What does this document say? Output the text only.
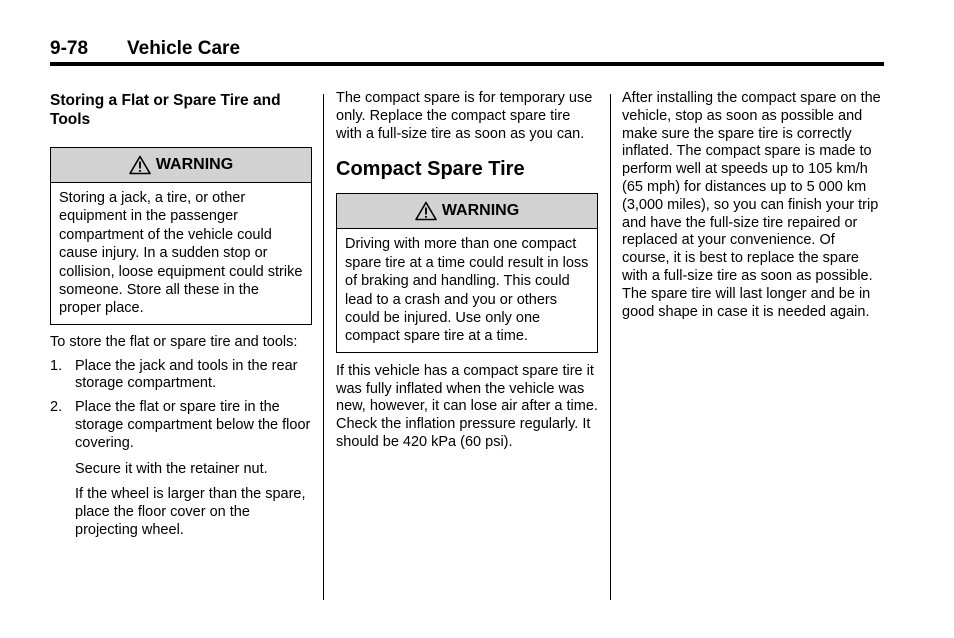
9-78 Vehicle Care

Storing a Flat or Spare Tire and Tools

WARNING
Storing a jack, a tire, or other equipment in the passenger compartment of the vehicle could cause injury. In a sudden stop or collision, loose equipment could strike someone. Store all these in the proper place.

To store the flat or spare tire and tools:

1. Place the jack and tools in the rear storage compartment.
2. Place the flat or spare tire in the storage compartment below the floor covering.

Secure it with the retainer nut.

If the wheel is larger than the spare, place the floor cover on the projecting wheel.

The compact spare is for temporary use only. Replace the compact spare tire with a full-size tire as soon as you can.

Compact Spare Tire

WARNING
Driving with more than one compact spare tire at a time could result in loss of braking and handling. This could lead to a crash and you or others could be injured. Use only one compact spare tire at a time.

If this vehicle has a compact spare tire it was fully inflated when the vehicle was new, however, it can lose air after a time. Check the inflation pressure regularly. It should be 420 kPa (60 psi).

After installing the compact spare on the vehicle, stop as soon as possible and make sure the spare tire is correctly inflated. The compact spare is made to perform well at speeds up to 105 km/h (65 mph) for distances up to 5 000 km (3,000 miles), so you can finish your trip and have the full-size tire repaired or replaced at your convenience. Of course, it is best to replace the spare with a full-size tire as soon as possible. The spare tire will last longer and be in good shape in case it is needed again.
